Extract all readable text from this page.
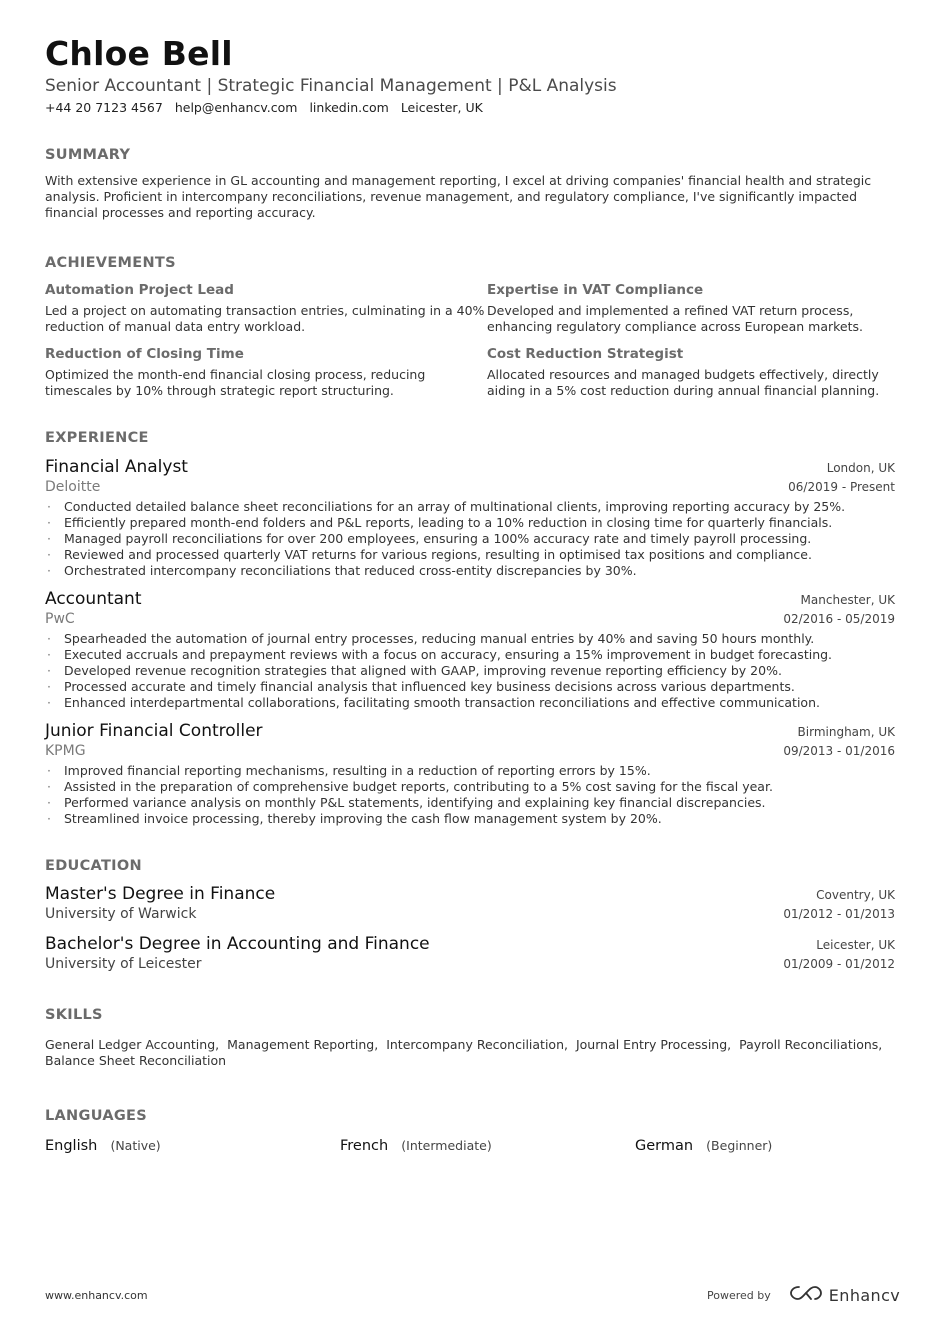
Chloe Bell
Senior Accountant | Strategic Financial Management | P&L Analysis
+44 20 7123 4567 help@enhancv.com linkedin.com Leicester, UK
SUMMARY
With extensive experience in GL accounting and management reporting, I excel at driving companies' financial health and strategic analysis. Proficient in intercompany reconciliations, revenue management, and regulatory compliance, I've significantly impacted financial processes and reporting accuracy.
ACHIEVEMENTS
Automation Project Lead
Led a project on automating transaction entries, culminating in a 40% reduction of manual data entry workload.
Expertise in VAT Compliance
Developed and implemented a refined VAT return process, enhancing regulatory compliance across European markets.
Reduction of Closing Time
Optimized the month-end financial closing process, reducing timescales by 10% through strategic report structuring.
Cost Reduction Strategist
Allocated resources and managed budgets effectively, directly aiding in a 5% cost reduction during annual financial planning.
EXPERIENCE
Financial Analyst	London, UK
Deloitte	06/2019 - Present
· Conducted detailed balance sheet reconciliations for an array of multinational clients, improving reporting accuracy by 25%.
· Efficiently prepared month-end folders and P&L reports, leading to a 10% reduction in closing time for quarterly financials.
· Managed payroll reconciliations for over 200 employees, ensuring a 100% accuracy rate and timely payroll processing.
· Reviewed and processed quarterly VAT returns for various regions, resulting in optimised tax positions and compliance.
· Orchestrated intercompany reconciliations that reduced cross-entity discrepancies by 30%.
Accountant	Manchester, UK
PwC	02/2016 - 05/2019
· Spearheaded the automation of journal entry processes, reducing manual entries by 40% and saving 50 hours monthly.
· Executed accruals and prepayment reviews with a focus on accuracy, ensuring a 15% improvement in budget forecasting.
· Developed revenue recognition strategies that aligned with GAAP, improving revenue reporting efficiency by 20%.
· Processed accurate and timely financial analysis that influenced key business decisions across various departments.
· Enhanced interdepartmental collaborations, facilitating smooth transaction reconciliations and effective communication.
Junior Financial Controller	Birmingham, UK
KPMG	09/2013 - 01/2016
· Improved financial reporting mechanisms, resulting in a reduction of reporting errors by 15%.
· Assisted in the preparation of comprehensive budget reports, contributing to a 5% cost saving for the fiscal year.
· Performed variance analysis on monthly P&L statements, identifying and explaining key financial discrepancies.
· Streamlined invoice processing, thereby improving the cash flow management system by 20%.
EDUCATION
Master's Degree in Finance	Coventry, UK
University of Warwick	01/2012 - 01/2013
Bachelor's Degree in Accounting and Finance	Leicester, UK
University of Leicester	01/2009 - 01/2012
SKILLS
General Ledger Accounting, Management Reporting, Intercompany Reconciliation, Journal Entry Processing, Payroll Reconciliations,
Balance Sheet Reconciliation
LANGUAGES
English (Native)	French (Intermediate)	German (Beginner)
www.enhancv.com	Powered by	Enhancv
